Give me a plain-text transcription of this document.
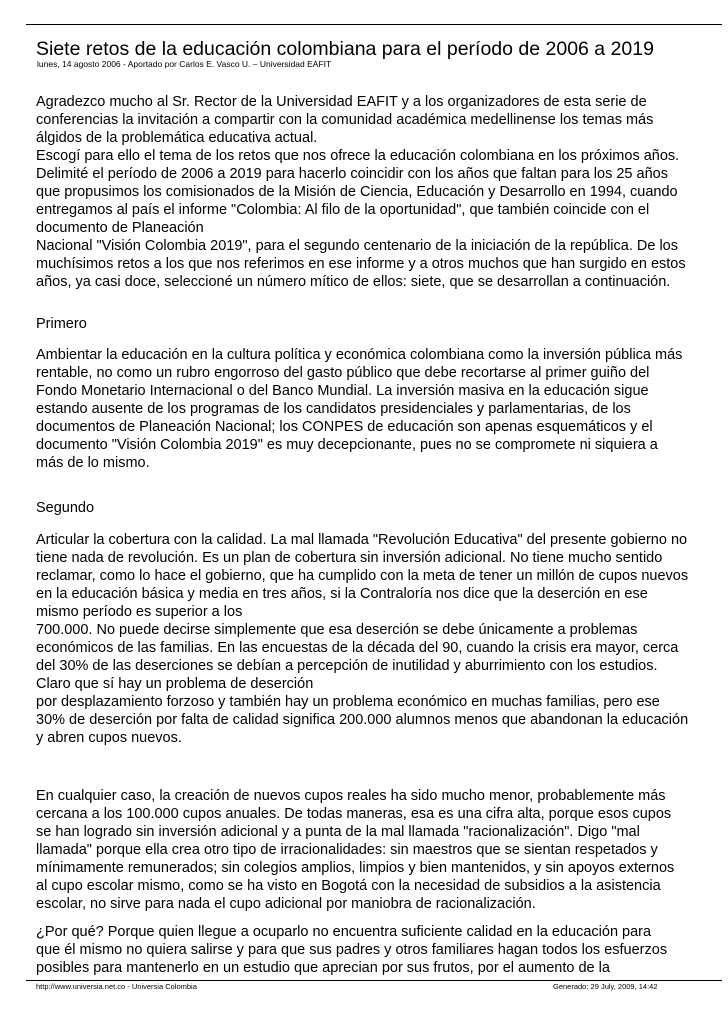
Siete retos de la educación colombiana para el período de 2006 a 2019
lunes, 14 agosto 2006 - Aportado por Carlos E. Vasco U. – Universidad EAFIT

Agradezco mucho al Sr. Rector de la Universidad EAFIT y a los organizadores de esta serie de
conferencias la invitación a compartir con la comunidad académica medellinense los temas más
álgidos de la problemática educativa actual.
Escogí para ello el tema de los retos que nos ofrece la educación colombiana en los próximos años.
Delimité el período de 2006 a 2019 para hacerlo coincidir con los años que faltan para los 25 años
que propusimos los comisionados de la Misión de Ciencia, Educación y Desarrollo en 1994, cuando
entregamos al país el informe "Colombia: Al filo de la oportunidad", que también coincide con el
documento de Planeación
Nacional "Visión Colombia 2019", para el segundo centenario de la iniciación de la república. De los
muchísimos retos a los que nos referimos en ese informe y a otros muchos que han surgido en estos
años, ya casi doce, seleccioné un número mítico de ellos: siete, que se desarrollan a continuación.

Primero

Ambientar la educación en la cultura política y económica colombiana como la inversión pública más
rentable, no como un rubro engorroso del gasto público que debe recortarse al primer guiño del
Fondo Monetario Internacional o del Banco Mundial. La inversión masiva en la educación sigue
estando ausente de los programas de los candidatos presidenciales y parlamentarias, de los
documentos de Planeación Nacional; los CONPES de educación son apenas esquemáticos y el
documento "Visión Colombia 2019" es muy decepcionante, pues no se compromete ni siquiera a
más de lo mismo.

Segundo

Articular la cobertura con la calidad. La mal llamada "Revolución Educativa" del presente gobierno no
tiene nada de revolución. Es un plan de cobertura sin inversión adicional. No tiene mucho sentido
reclamar, como lo hace el gobierno, que ha cumplido con la meta de tener un millón de cupos nuevos
en la educación básica y media en tres años, si la Contraloría nos dice que la deserción en ese
mismo período es superior a los
700.000. No puede decirse simplemente que esa deserción se debe únicamente a problemas
económicos de las familias. En las encuestas de la década del 90, cuando la crisis era mayor, cerca
del 30% de las deserciones se debían a percepción de inutilidad y aburrimiento con los estudios.
Claro que sí hay un problema de deserción
por desplazamiento forzoso y también hay un problema económico en muchas familias, pero ese
30% de deserción por falta de calidad significa 200.000 alumnos menos que abandonan la educación
y abren cupos nuevos.

En cualquier caso, la creación de nuevos cupos reales ha sido mucho menor, probablemente más
cercana a los 100.000 cupos anuales. De todas maneras, esa es una cifra alta, porque esos cupos
se han logrado sin inversión adicional y a punta de la mal llamada "racionalización". Digo "mal
llamada" porque ella crea otro tipo de irracionalidades: sin maestros que se sientan respetados y
mínimamente remunerados; sin colegios amplios, limpios y bien mantenidos, y sin apoyos externos
al cupo escolar mismo, como se ha visto en Bogotá con la necesidad de subsidios a la asistencia
escolar, no sirve para nada el cupo adicional por maniobra de racionalización.

¿Por qué? Porque quien llegue a ocuparlo no encuentra suficiente calidad en la educación para
que él mismo no quiera salirse y para que sus padres y otros familiares hagan todos los esfuerzos
posibles para mantenerlo en un estudio que aprecian por sus frutos, por el aumento de la

http://www.universia.net.co - Universia Colombia	Generado: 29 July, 2009, 14:42
